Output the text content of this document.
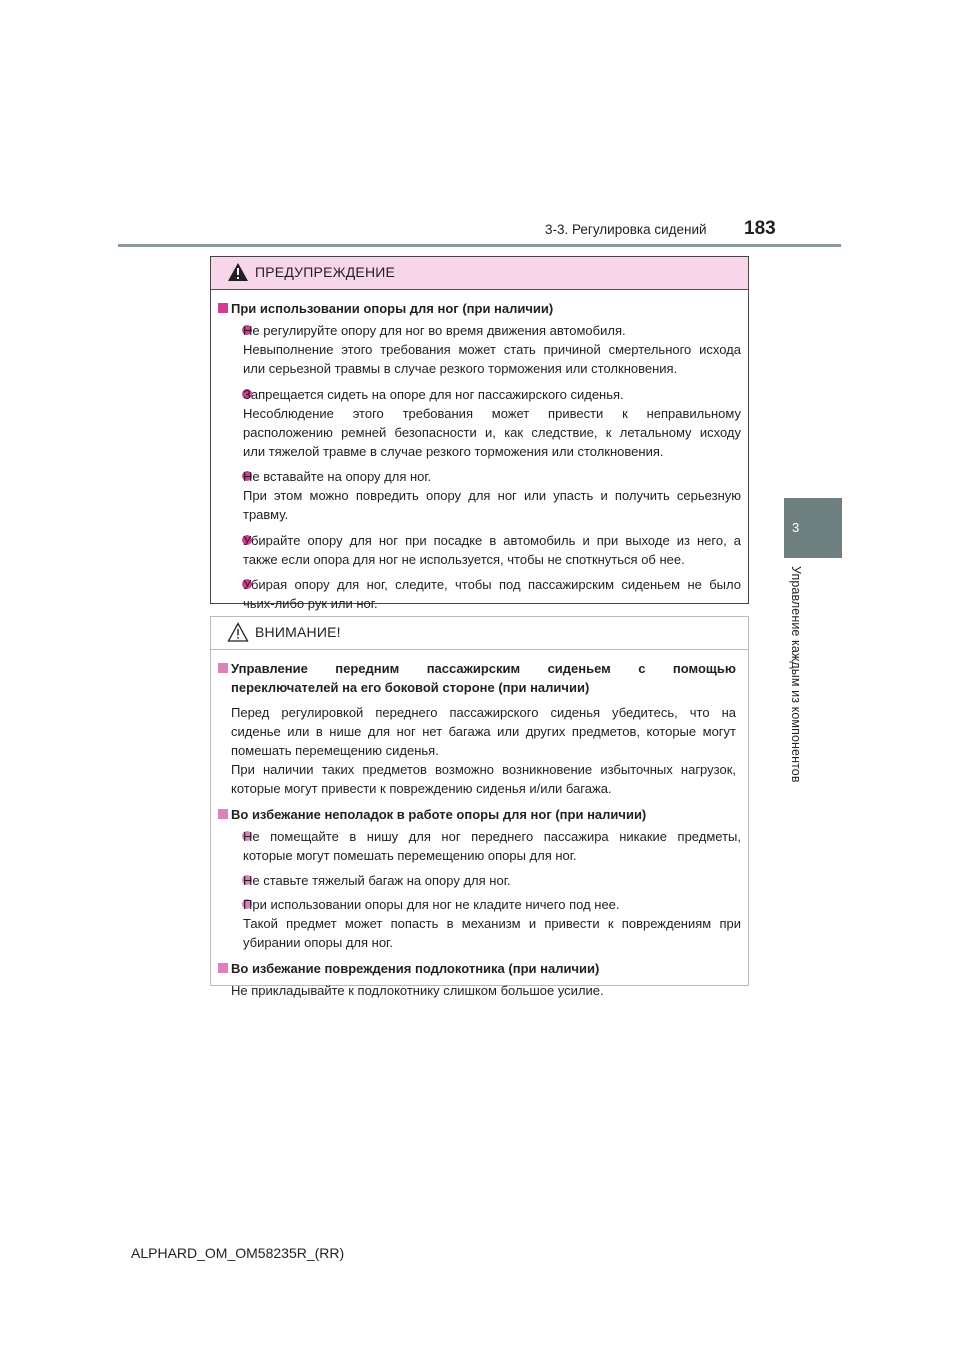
3-3. Регулировка сидений 183
3
Управление каждым из компонентов
ПРЕДУПРЕЖДЕНИЕ
При использовании опоры для ног (при наличии)
Не регулируйте опору для ног во время движения автомобиля.
Невыполнение этого требования может стать причиной смертельного исхода
или серьезной травмы в случае резкого торможения или столкновения.
Запрещается сидеть на опоре для ног пассажирского сиденья.
Несоблюдение этого требования может привести к неправильному
расположению ремней безопасности и, как следствие, к летальному исходу
или тяжелой травме в случае резкого торможения или столкновения.
Не вставайте на опору для ног.
При этом можно повредить опору для ног или упасть и получить серьезную
травму.
Убирайте опору для ног при посадке в автомобиль и при выходе из него, а
также если опора для ног не используется, чтобы не споткнуться об нее.
Убирая опору для ног, следите, чтобы под пассажирским сиденьем не было
чьих-либо рук или ног.
ВНИМАНИЕ!
Управление передним пассажирским сиденьем с помощью
переключателей на его боковой стороне (при наличии)
Перед регулировкой переднего пассажирского сиденья убедитесь, что на
сиденье или в нише для ног нет багажа или других предметов, которые могут
помешать перемещению сиденья.
При наличии таких предметов возможно возникновение избыточных нагрузок,
которые могут привести к повреждению сиденья и/или багажа.
Во избежание неполадок в работе опоры для ног (при наличии)
Не помещайте в нишу для ног переднего пассажира никакие предметы,
которые могут помешать перемещению опоры для ног.
Не ставьте тяжелый багаж на опору для ног.
При использовании опоры для ног не кладите ничего под нее.
Такой предмет может попасть в механизм и привести к повреждениям при
убирании опоры для ног.
Во избежание повреждения подлокотника (при наличии)
Не прикладывайте к подлокотнику слишком большое усилие.
ALPHARD_OM_OM58235R_(RR)
